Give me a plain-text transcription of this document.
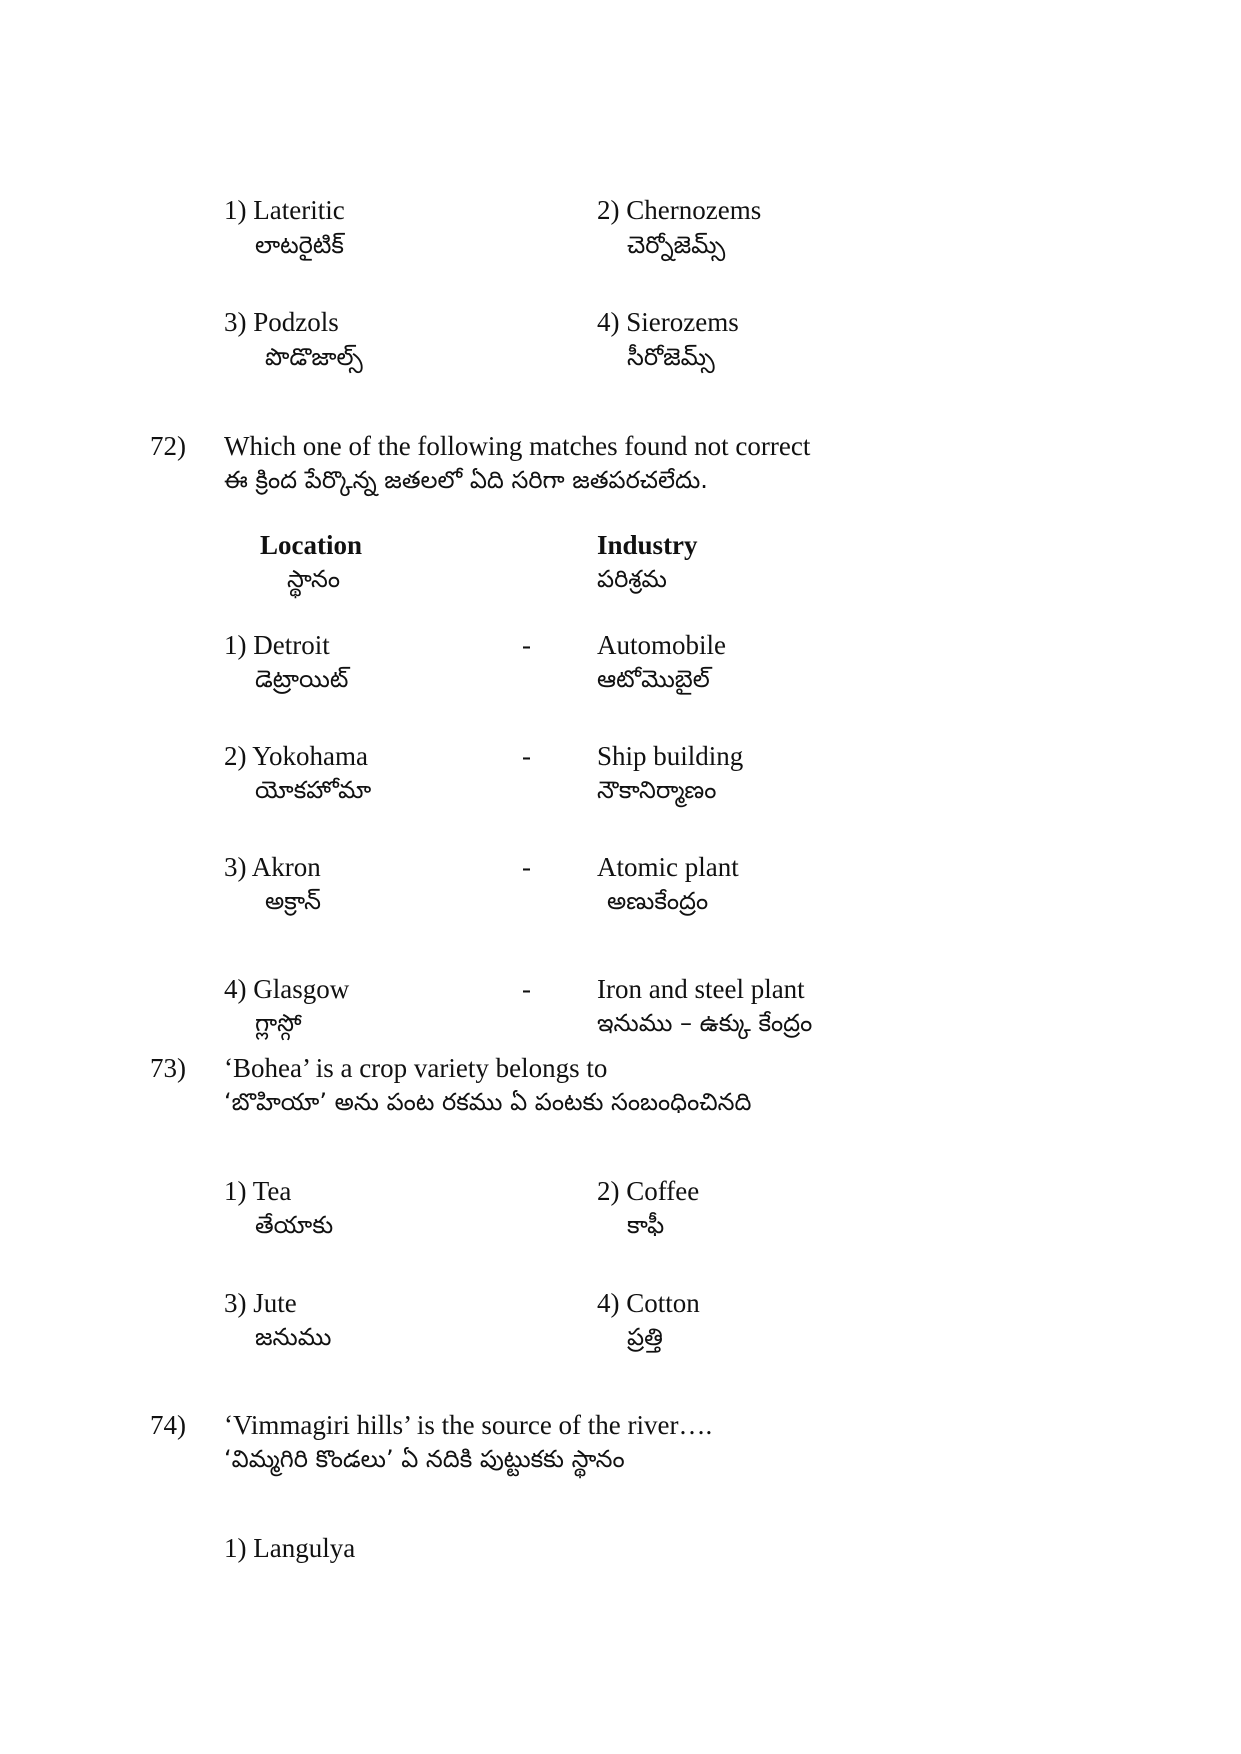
1) Lateritic
లాటరైటిక్
2) Chernozems
చెర్నోజెమ్స్
3) Podzols
పొడొజాల్స్
4) Sierozems
సీరోజెమ్స్
72) Which one of the following matches found not correct
ఈ క్రింద పేర్కొన్న జతలలో ఏది సరిగా జతపరచలేదు.
Location
స్థానం
Industry
పరిశ్రమ
1) Detroit
డెట్రాయిట్
- Automobile
ఆటోమొబైల్
2) Yokohama
యోకహోమా
- Ship building
నౌకానిర్మాణం
3) Akron
అక్రాన్
- Atomic plant
అణుకేంద్రం
4) Glasgow
గ్లాస్గో
- Iron and steel plant
ఇనుము – ఉక్కు కేంద్రం
73) ‘Bohea’ is a crop variety belongs to
‘బొహియా’ అను పంట రకము ఏ పంటకు సంబంధించినది
1) Tea
తేయాకు
2) Coffee
కాఫీ
3) Jute
జనుము
4) Cotton
ప్రత్తి
74) ‘Vimmagiri hills’ is the source of the river….
‘విమ్మగిరి కొండలు’ ఏ నదికి పుట్టుకకు స్థానం
1) Langulya
